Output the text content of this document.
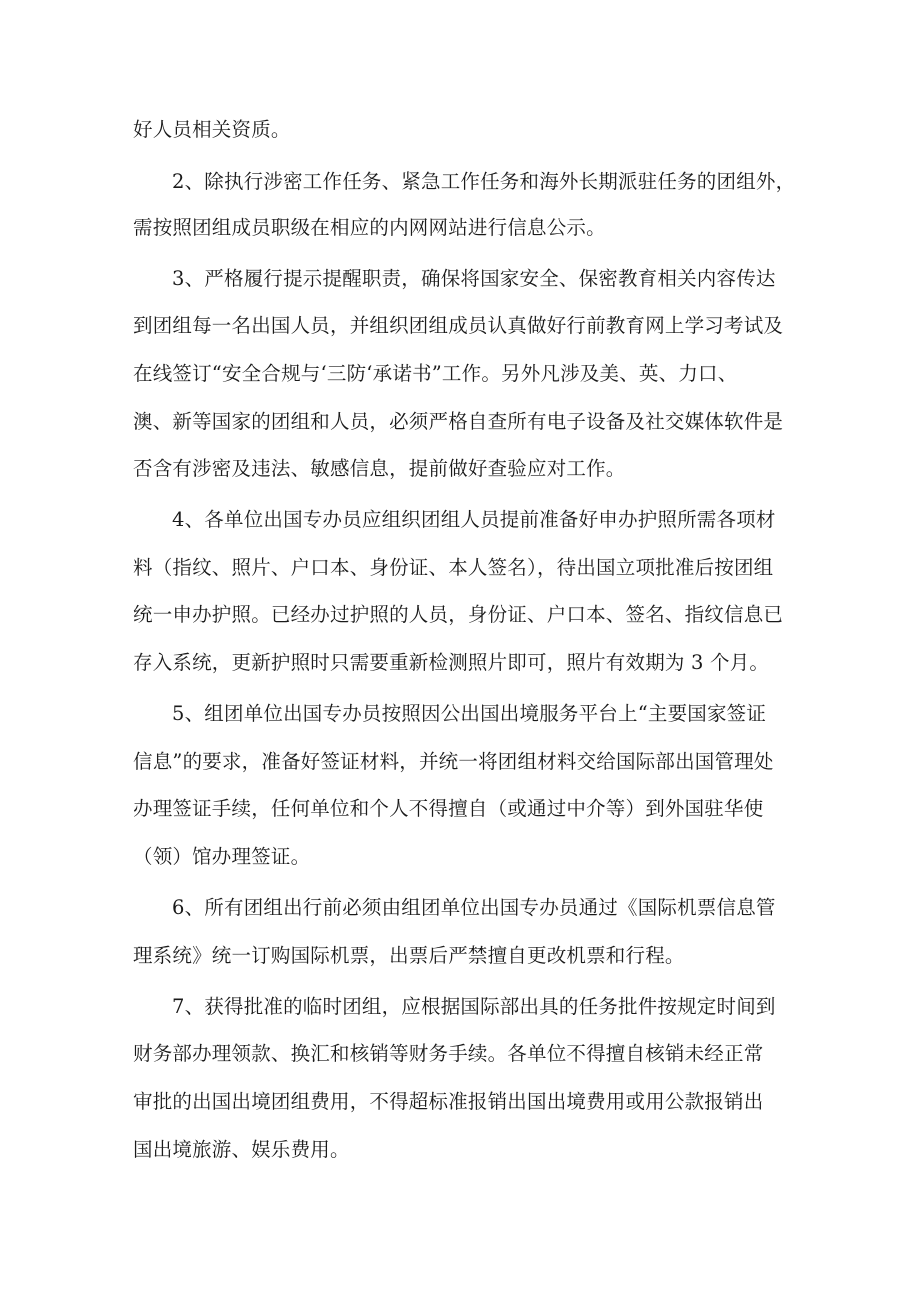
好人员相关资质。
2、除执行涉密工作任务、紧急工作任务和海外长期派驻任务的团组外，
需按照团组成员职级在相应的内网网站进行信息公示。
3、严格履行提示提醒职责，确保将国家安全、保密教育相关内容传达
到团组每一名出国人员，并组织团组成员认真做好行前教育网上学习考试及
在线签订“安全合规与‘三防‘承诺书”工作。另外凡涉及美、英、力口、
澳、新等国家的团组和人员，必须严格自查所有电子设备及社交媒体软件是
否含有涉密及违法、敏感信息，提前做好查验应对工作。
4、各单位出国专办员应组织团组人员提前准备好申办护照所需各项材
料（指纹、照片、户口本、身份证、本人签名），待出国立项批准后按团组
统一申办护照。已经办过护照的人员，身份证、户口本、签名、指纹信息已
存入系统，更新护照时只需要重新检测照片即可，照片有效期为 3 个月。
5、组团单位出国专办员按照因公出国出境服务平台上“主要国家签证
信息”的要求，准备好签证材料，并统一将团组材料交给国际部出国管理处
办理签证手续，任何单位和个人不得擅自（或通过中介等）到外国驻华使
（领）馆办理签证。
6、所有团组出行前必须由组团单位出国专办员通过《国际机票信息管
理系统》统一订购国际机票，出票后严禁擅自更改机票和行程。
7、获得批准的临时团组，应根据国际部出具的任务批件按规定时间到
财务部办理领款、换汇和核销等财务手续。各单位不得擅自核销未经正常
审批的出国出境团组费用，不得超标准报销出国出境费用或用公款报销出
国出境旅游、娱乐费用。
